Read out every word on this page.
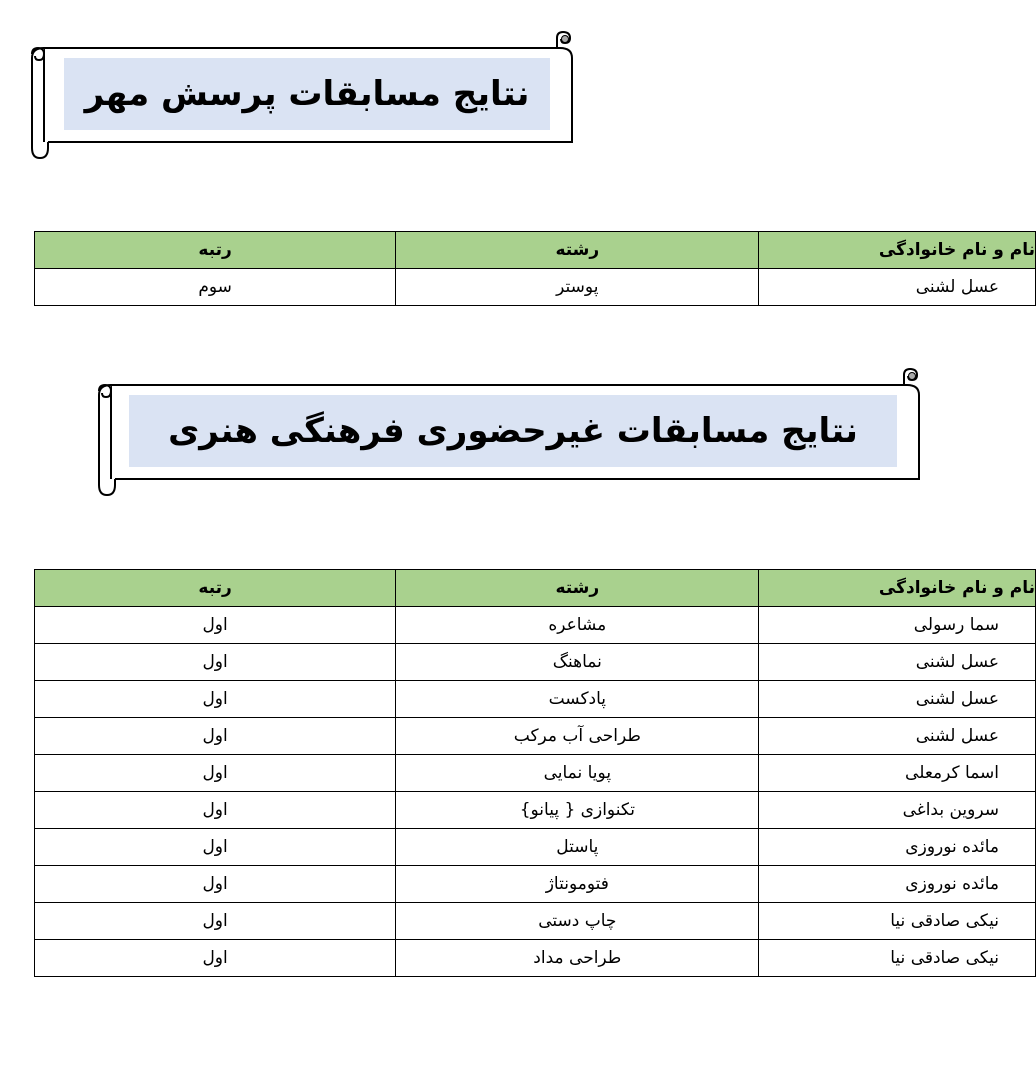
نتایج مسابقات پرسش مهر
نام و نام خانوادگی	رشته	رتبه
عسل لشنی	پوستر	سوم
نتایج مسابقات غیرحضوری فرهنگی هنری
نام و نام خانوادگی	رشته	رتبه
سما رسولی	مشاعره	اول
عسل لشنی	نماهنگ	اول
عسل لشنی	پادکست	اول
عسل لشنی	طراحی آب مرکب	اول
اسما کرمعلی	پویا نمایی	اول
سروین بداغی	تکنوازی { پیانو}	اول
مائده نوروزی	پاستل	اول
مائده نوروزی	فتومونتاژ	اول
نیکی صادقی نیا	چاپ دستی	اول
نیکی صادقی نیا	طراحی مداد	اول
